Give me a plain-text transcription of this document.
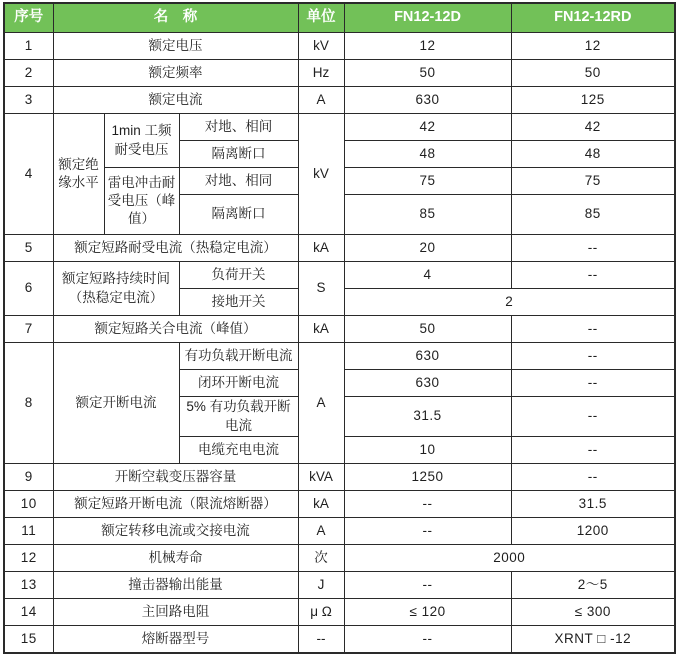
序号	名　称			单位	FN12-12D	FN12-12RD
1	额定电压			kV	12	12
2	额定频率			Hz	50	50
3	额定电流			A	630	125
4	额定绝缘水平	1min 工频耐受电压	对地、相间	kV	42	42
			隔离断口		48	48
		雷电冲击耐受电压（峰值）	对地、相同		75	75
			隔离断口		85	85
5	额定短路耐受电流（热稳定电流）			kA	20	--
6	额定短路持续时间（热稳定电流）		负荷开关	S	4	--
			接地开关		2	
7	额定短路关合电流（峰值）			kA	50	--
8	额定开断电流		有功负载开断电流	A	630	--
			闭环开断电流		630	--
			5% 有功负载开断电流		31.5	--
			电缆充电电流		10	--
9	开断空载变压器容量			kVA	1250	--
10	额定短路开断电流（限流熔断器）			kA	--	31.5
11	额定转移电流或交接电流			A	--	1200
12	机械寿命			次	2000	
13	撞击器输出能量			J	--	2～5
14	主回路电阻			μ Ω	≤ 120	≤ 300
15	熔断器型号			--	--	XRNT □ -12
